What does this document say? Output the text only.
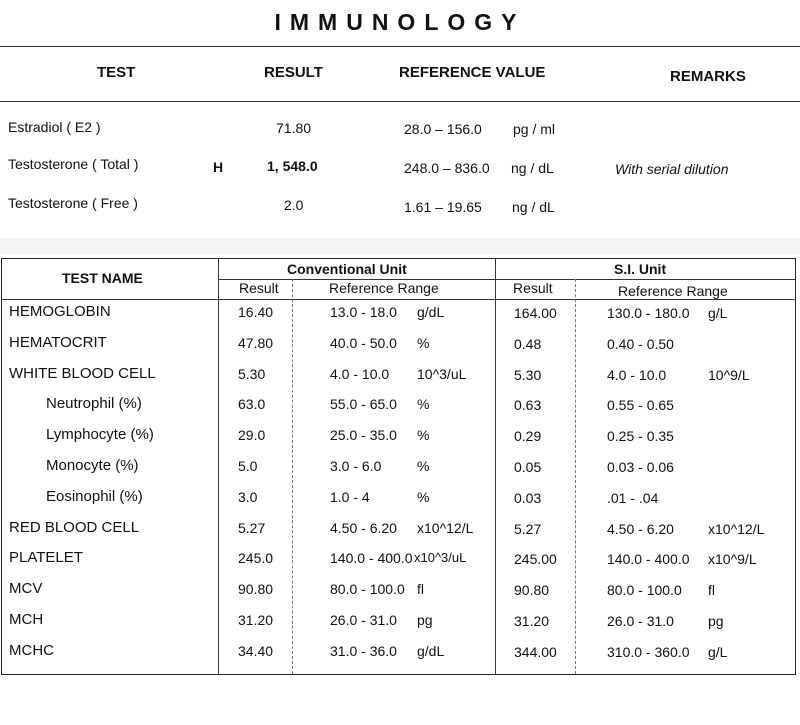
IMMUNOLOGY
TEST	RESULT	REFERENCE VALUE	REMARKS
Estradiol ( E2 )	71.80	28.0 – 156.0 pg / ml
Testosterone ( Total )	H	1, 548.0	248.0 – 836.0 ng / dL	With serial dilution
Testosterone ( Free )	2.0	1.61 – 19.65 ng / dL
TEST NAME
Conventional Unit	S.I. Unit
Result	Reference Range	Result	Reference Range
HEMOGLOBIN	16.40	13.0 - 18.0 g/dL	164.00	130.0 - 180.0 g/L
HEMATOCRIT	47.80	40.0 - 50.0 %	0.48	0.40 - 0.50
WHITE BLOOD CELL	5.30	4.0 - 10.0 10^3/uL	5.30	4.0 - 10.0	10^9/L
Neutrophil (%)	63.0	55.0 - 65.0 %	0.63	0.55 - 0.65
Lymphocyte (%)	29.0	25.0 - 35.0 %	0.29	0.25 - 0.35
Monocyte (%)	5.0	3.0 - 6.0	%	0.05	0.03 - 0.06
Eosinophil (%)	3.0	1.0 - 4	%	0.03	.01 - .04
RED BLOOD CELL	5.27	4.50 - 6.20 x10^12/L	5.27	4.50 - 6.20 x10^12/L
PLATELET	245.0	140.0 - 400.0 x10^3/uL	245.00	140.0 - 400.0 x10^9/L
MCV	90.80	80.0 - 100.0 fl	90.80	80.0 - 100.0 fl
MCH	31.20	26.0 - 31.0 pg	31.20	26.0 - 31.0 pg
MCHC	34.40	31.0 - 36.0 g/dL	344.00	310.0 - 360.0 g/L
